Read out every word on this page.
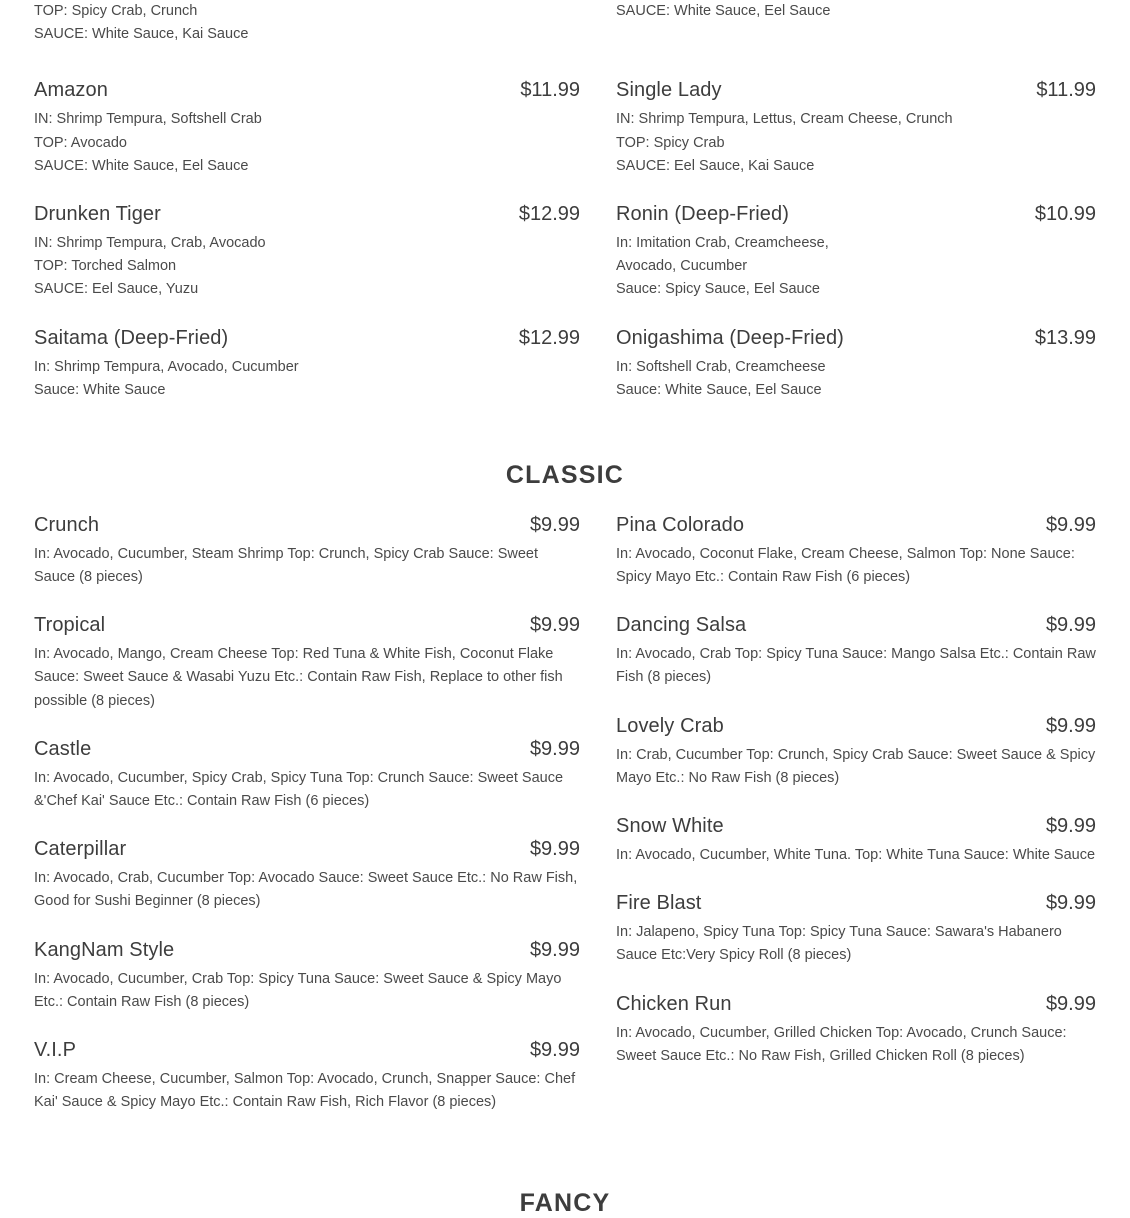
TOP: Spicy Crab, Crunch
SAUCE: White Sauce, Kai Sauce
SAUCE: White Sauce, Eel Sauce
Amazon	$11.99
IN: Shrimp Tempura, Softshell Crab
TOP: Avocado
SAUCE: White Sauce, Eel Sauce
Drunken Tiger	$12.99
IN: Shrimp Tempura, Crab, Avocado
TOP: Torched Salmon
SAUCE: Eel Sauce, Yuzu
Saitama (Deep-Fried)	$12.99
In: Shrimp Tempura, Avocado, Cucumber
Sauce: White Sauce
Single Lady	$11.99
IN: Shrimp Tempura, Lettus, Cream Cheese, Crunch
TOP: Spicy Crab
SAUCE: Eel Sauce, Kai Sauce
Ronin (Deep-Fried)	$10.99
In: Imitation Crab, Creamcheese,
Avocado, Cucumber
Sauce: Spicy Sauce, Eel Sauce
Onigashima (Deep-Fried)	$13.99
In: Softshell Crab, Creamcheese
Sauce: White Sauce, Eel Sauce
CLASSIC
Crunch	$9.99
In: Avocado, Cucumber, Steam Shrimp Top: Crunch, Spicy Crab Sauce: Sweet Sauce (8 pieces)
Tropical	$9.99
In: Avocado, Mango, Cream Cheese Top: Red Tuna & White Fish, Coconut Flake Sauce: Sweet Sauce & Wasabi Yuzu Etc.: Contain Raw Fish, Replace to other fish possible (8 pieces)
Castle	$9.99
In: Avocado, Cucumber, Spicy Crab, Spicy Tuna Top: Crunch Sauce: Sweet Sauce &'Chef Kai' Sauce Etc.: Contain Raw Fish (6 pieces)
Caterpillar	$9.99
In: Avocado, Crab, Cucumber Top: Avocado Sauce: Sweet Sauce Etc.: No Raw Fish, Good for Sushi Beginner (8 pieces)
KangNam Style	$9.99
In: Avocado, Cucumber, Crab Top: Spicy Tuna Sauce: Sweet Sauce & Spicy Mayo Etc.: Contain Raw Fish (8 pieces)
V.I.P	$9.99
In: Cream Cheese, Cucumber, Salmon Top: Avocado, Crunch, Snapper Sauce: Chef Kai' Sauce & Spicy Mayo Etc.: Contain Raw Fish, Rich Flavor (8 pieces)
Pina Colorado	$9.99
In: Avocado, Coconut Flake, Cream Cheese, Salmon Top: None Sauce: Spicy Mayo Etc.: Contain Raw Fish (6 pieces)
Dancing Salsa	$9.99
In: Avocado, Crab Top: Spicy Tuna Sauce: Mango Salsa Etc.: Contain Raw Fish (8 pieces)
Lovely Crab	$9.99
In: Crab, Cucumber Top: Crunch, Spicy Crab Sauce: Sweet Sauce & Spicy Mayo Etc.: No Raw Fish (8 pieces)
Snow White	$9.99
In: Avocado, Cucumber, White Tuna. Top: White Tuna Sauce: White Sauce
Fire Blast	$9.99
In: Jalapeno, Spicy Tuna Top: Spicy Tuna Sauce: Sawara's Habanero Sauce Etc:Very Spicy Roll (8 pieces)
Chicken Run	$9.99
In: Avocado, Cucumber, Grilled Chicken Top: Avocado, Crunch Sauce: Sweet Sauce Etc.: No Raw Fish, Grilled Chicken Roll (8 pieces)
FANCY
